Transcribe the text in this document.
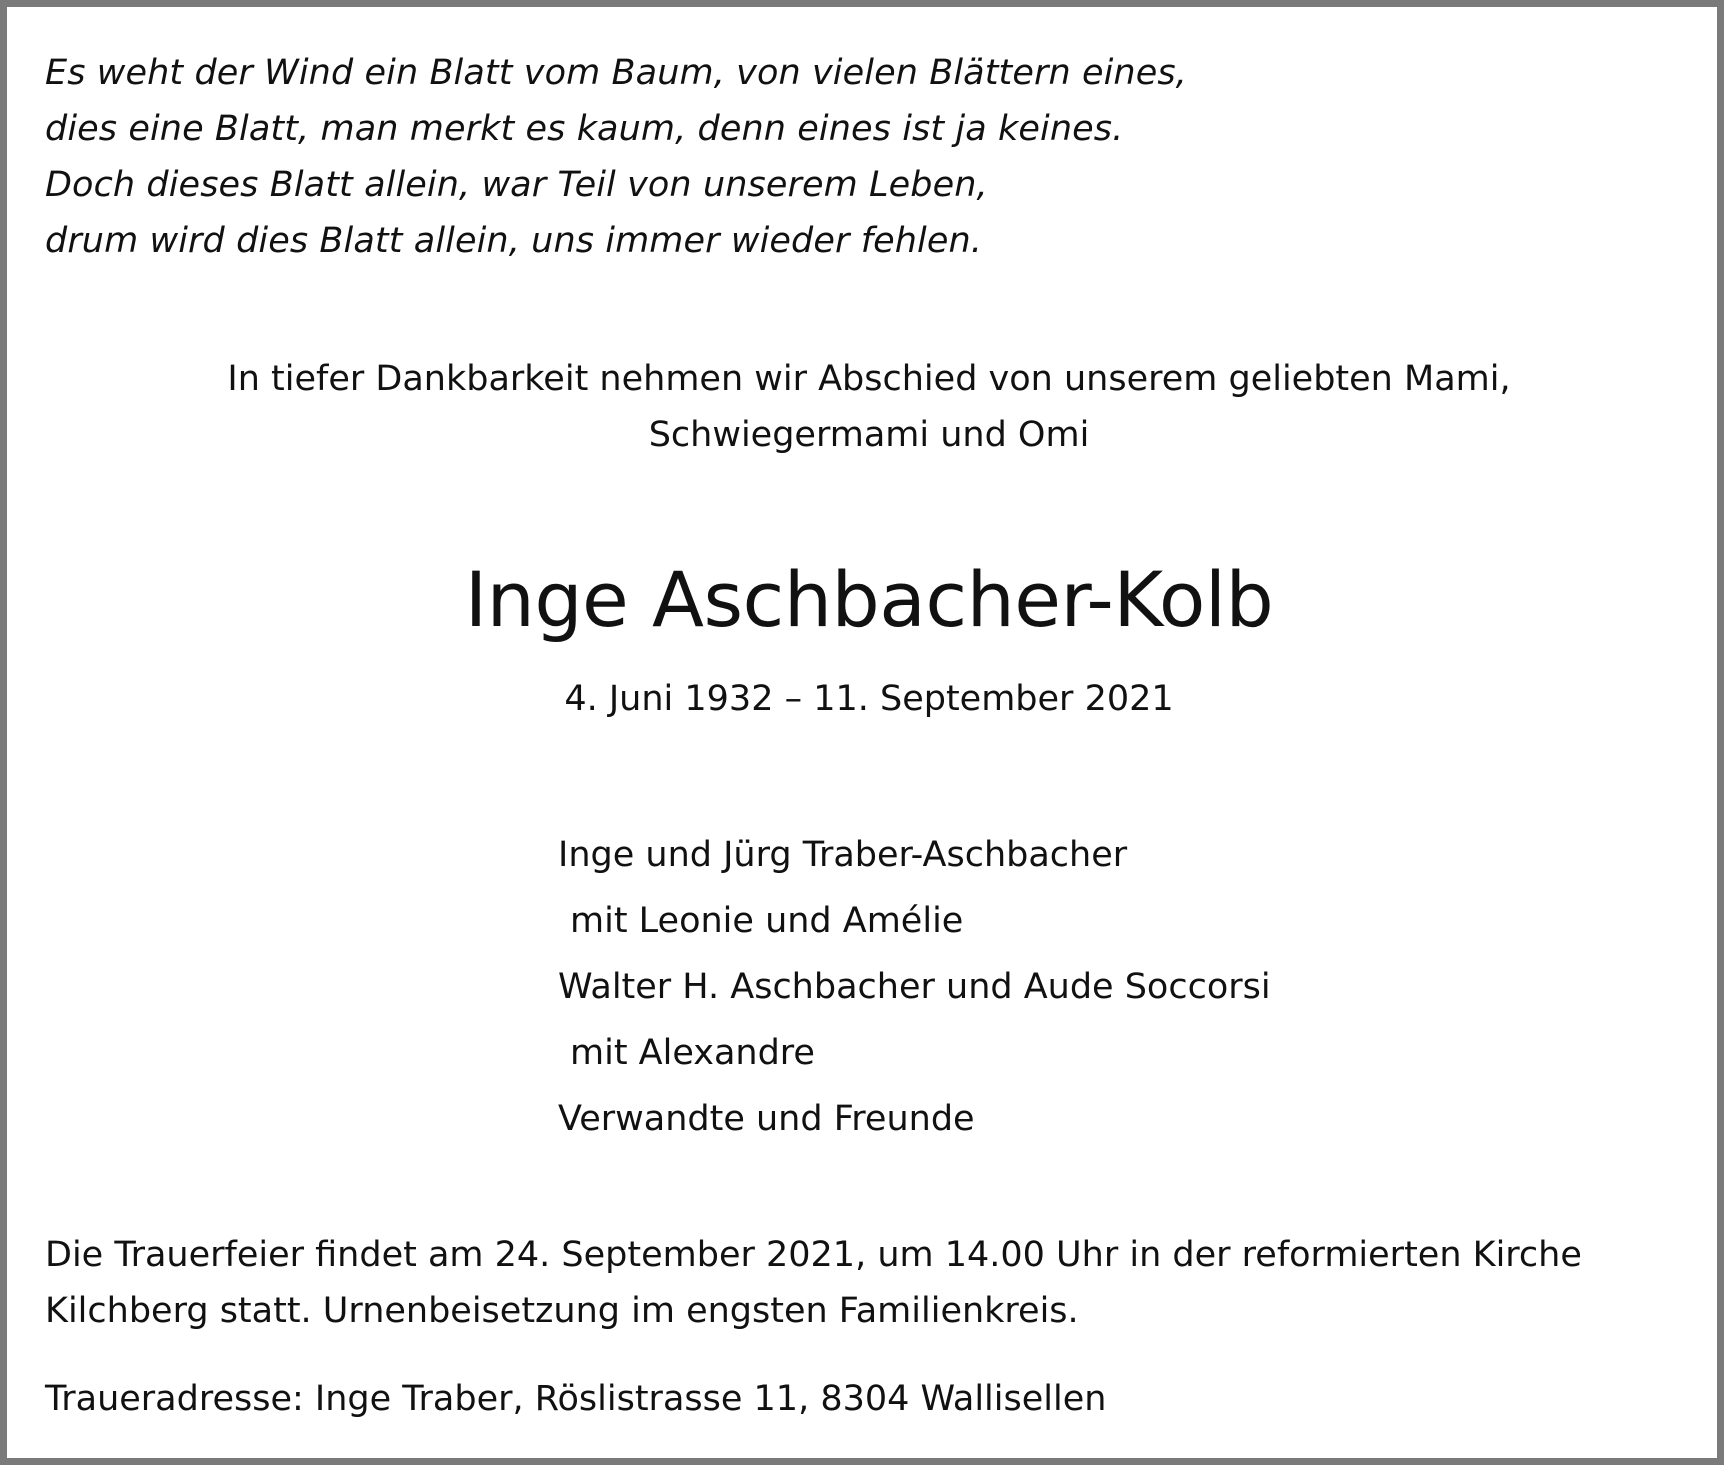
Es weht der Wind ein Blatt vom Baum, von vielen Blättern eines,
dies eine Blatt, man merkt es kaum, denn eines ist ja keines.
Doch dieses Blatt allein, war Teil von unserem Leben,
drum wird dies Blatt allein, uns immer wieder fehlen.
In tiefer Dankbarkeit nehmen wir Abschied von unserem geliebten Mami,
Schwiegermami und Omi
Inge Aschbacher-Kolb
4. Juni 1932 – 11. September 2021
Inge und Jürg Traber-Aschbacher
mit Leonie und Amélie
Walter H. Aschbacher und Aude Soccorsi
mit Alexandre
Verwandte und Freunde
Die Trauerfeier findet am 24. September 2021, um 14.00 Uhr in der reformierten Kirche
Kilchberg statt. Urnenbeisetzung im engsten Familienkreis.
Traueradresse: Inge Traber, Röslistrasse 11, 8304 Wallisellen
